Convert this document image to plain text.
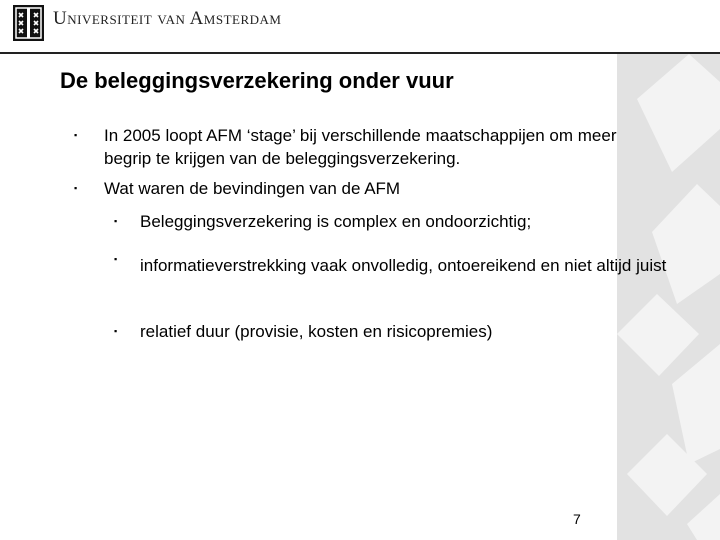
Universiteit van Amsterdam
De beleggingsverzekering onder vuur
▪ In 2005 loopt AFM ‘stage’ bij verschillende maatschappijen om meer begrip te krijgen van de beleggingsverzekering.
▪ Wat waren de bevindingen van de AFM
▪ Beleggingsverzekering is complex en ondoorzichtig;
▪ informatieverstrekking vaak onvolledig, ontoereikend en niet altijd juist
▪ relatief duur (provisie, kosten en risicopremies)
7
